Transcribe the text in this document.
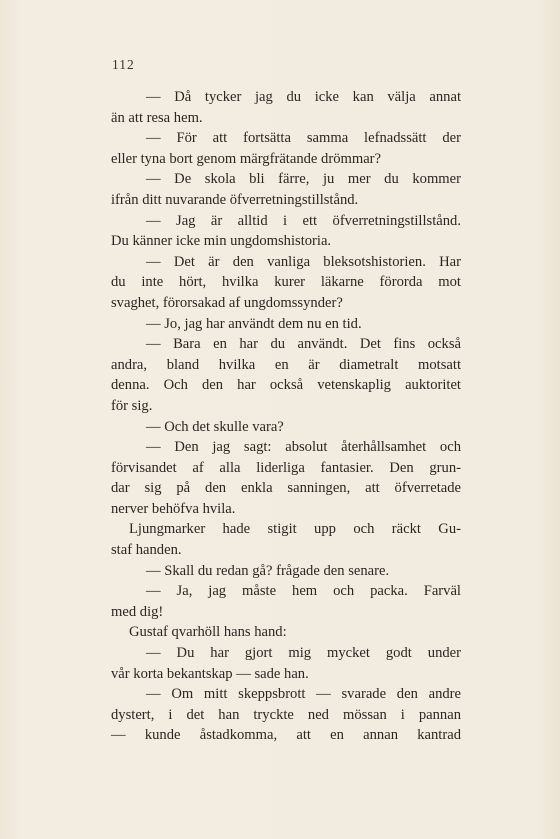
112
— Då tycker jag du icke kan välja annat
än att resa hem.
— För att fortsätta samma lefnadssätt der
eller tyna bort genom märgfrätande drömmar?
— De skola bli färre, ju mer du kommer
ifrån ditt nuvarande öfverretningstillstånd.
— Jag är alltid i ett öfverretningstillstånd.
Du känner icke min ungdomshistoria.
— Det är den vanliga bleksotshistorien. Har
du inte hört, hvilka kurer läkarne förorda mot
svaghet, förorsakad af ungdomssynder?
— Jo, jag har användt dem nu en tid.
— Bara en har du användt. Det fins också
andra, bland hvilka en är diametralt motsatt
denna. Och den har också vetenskaplig auktoritet
för sig.
— Och det skulle vara?
— Den jag sagt: absolut återhållsamhet och
förvisandet af alla liderliga fantasier. Den grun-
dar sig på den enkla sanningen, att öfverretade
nerver behöfva hvila.
Ljungmarker hade stigit upp och räckt Gu-
staf handen.
— Skall du redan gå? frågade den senare.
— Ja, jag måste hem och packa. Farväl
med dig!
Gustaf qvarhöll hans hand:
— Du har gjort mig mycket godt under
vår korta bekantskap — sade han.
— Om mitt skeppsbrott — svarade den andre
dystert, i det han tryckte ned mössan i pannan
— kunde åstadkomma, att en annan kantrad
